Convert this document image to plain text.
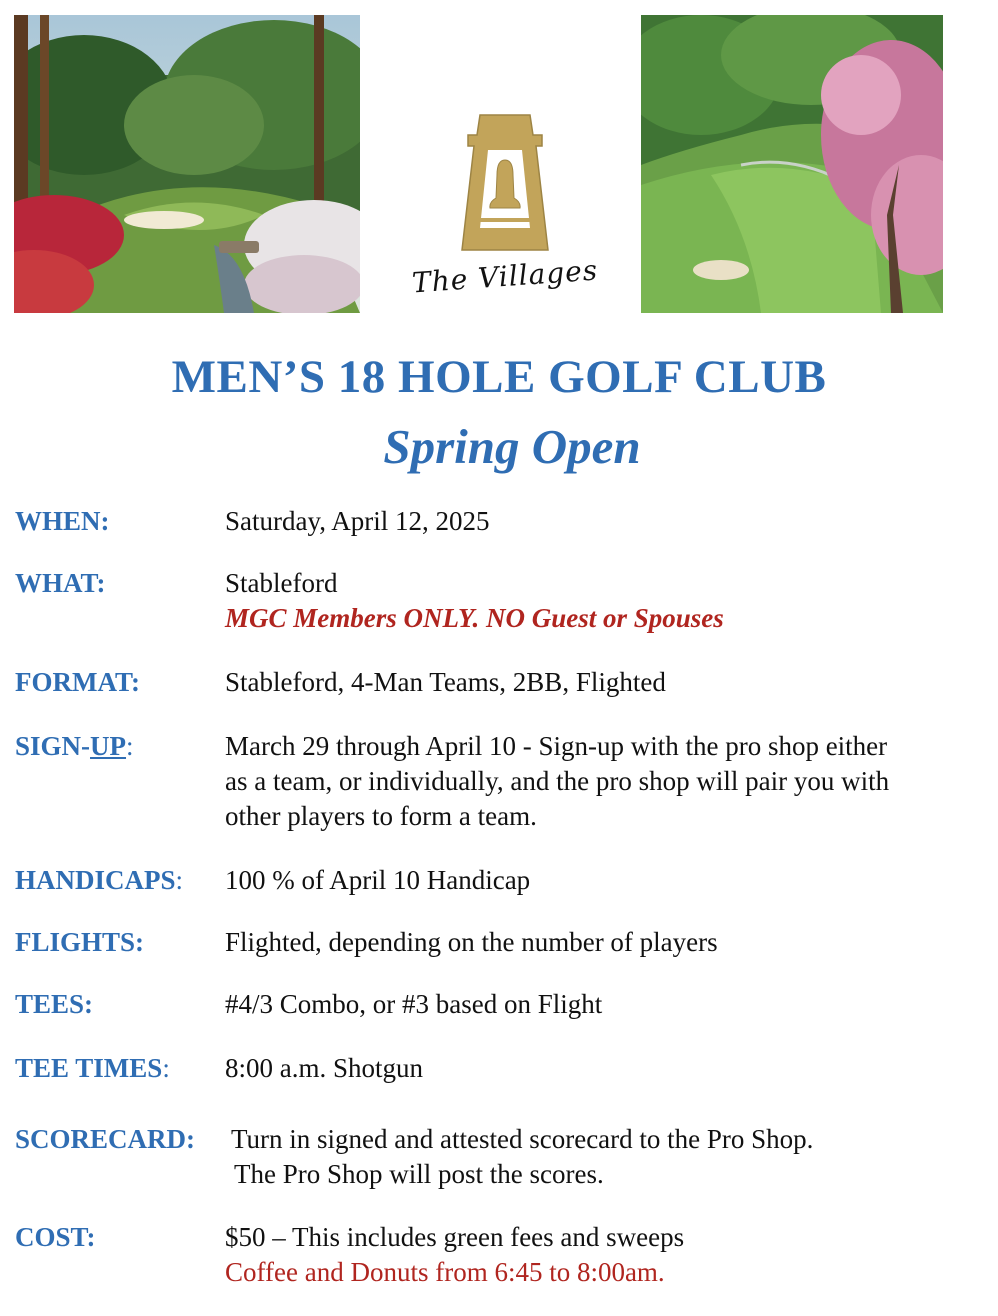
The Villages
MEN’S 18 HOLE GOLF CLUB
Spring Open
WHEN:	Saturday, April 12, 2025
WHAT:	Stableford
MGC Members ONLY. NO Guest or Spouses
FORMAT:	Stableford, 4-Man Teams, 2BB, Flighted
SIGN-UP:	March 29 through April 10 - Sign-up with the pro shop either
as a team, or individually, and the pro shop will pair you with
other players to form a team.
HANDICAPS: 100 % of April 10 Handicap
FLIGHTS:	Flighted, depending on the number of players
TEES:	#4/3 Combo, or #3 based on Flight
TEE TIMES: 8:00 a.m. Shotgun
SCORECARD: Turn in signed and attested scorecard to the Pro Shop.
The Pro Shop will post the scores.
COST:	$50 – This includes green fees and sweeps
Coffee and Donuts from 6:45 to 8:00am.
